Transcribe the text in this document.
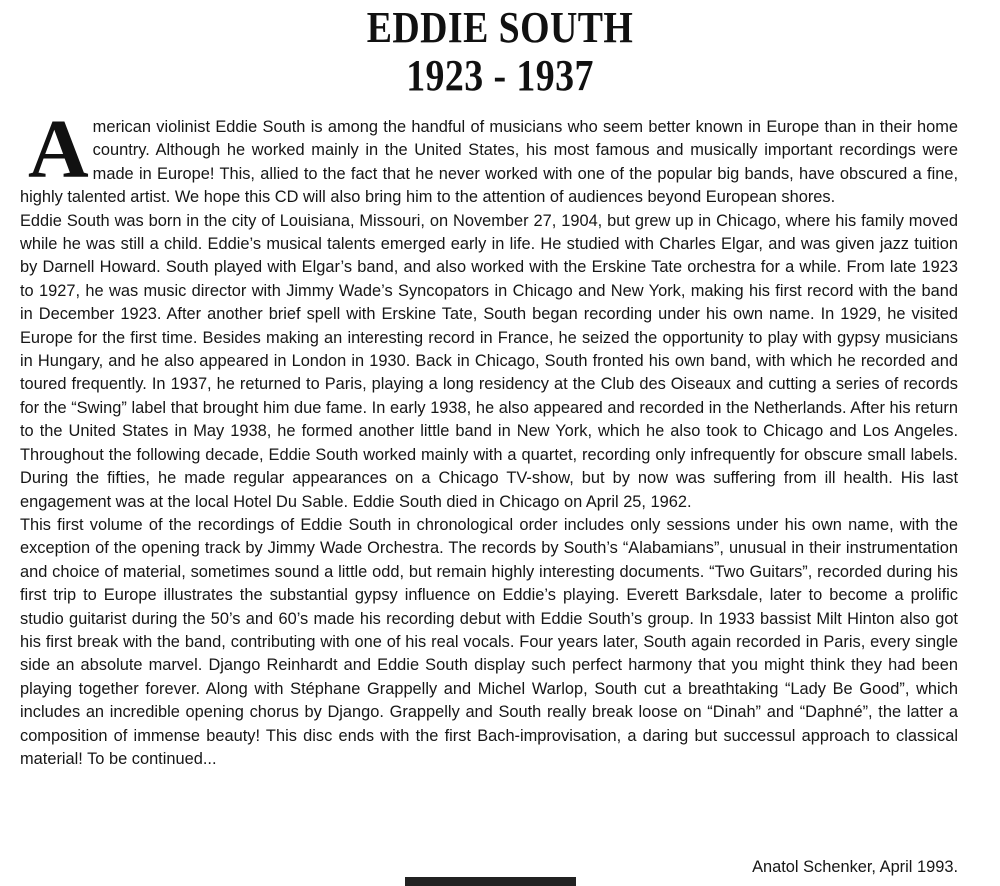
EDDIE SOUTH
1923 - 1937

American violinist Eddie South is among the handful of musicians who seem better known in Europe than in their home country. Although he worked mainly in the United States, his most famous and musically important recordings were made in Europe! This, allied to the fact that he never worked with one of the popular big bands, have obscured a fine, highly talented artist. We hope this CD will also bring him to the attention of audiences beyond European shores.

Eddie South was born in the city of Louisiana, Missouri, on November 27, 1904, but grew up in Chicago, where his family moved while he was still a child. Eddie’s musical talents emerged early in life. He studied with Charles Elgar, and was given jazz tuition by Darnell Howard. South played with Elgar’s band, and also worked with the Erskine Tate orchestra for a while. From late 1923 to 1927, he was music director with Jimmy Wade’s Syncopators in Chicago and New York, making his first record with the band in December 1923. After another brief spell with Erskine Tate, South began recording under his own name. In 1929, he visited Europe for the first time. Besides making an interesting record in France, he seized the opportunity to play with gypsy musicians in Hungary, and he also appeared in London in 1930. Back in Chicago, South fronted his own band, with which he recorded and toured frequently. In 1937, he returned to Paris, playing a long residency at the Club des Oiseaux and cutting a series of records for the “Swing” label that brought him due fame. In early 1938, he also appeared and recorded in the Netherlands. After his return to the United States in May 1938, he formed another little band in New York, which he also took to Chicago and Los Angeles. Throughout the following decade, Eddie South worked mainly with a quartet, recording only infrequently for obscure small labels. During the fifties, he made regular appearances on a Chicago TV-show, but by now was suffering from ill health. His last engagement was at the local Hotel Du Sable. Eddie South died in Chicago on April 25, 1962.

This first volume of the recordings of Eddie South in chronological order includes only sessions under his own name, with the exception of the opening track by Jimmy Wade Orchestra. The records by South’s “Alabamians”, unusual in their instrumentation and choice of material, sometimes sound a little odd, but remain highly interesting documents. “Two Guitars”, recorded during his first trip to Europe illustrates the substantial gypsy influence on Eddie’s playing. Everett Barksdale, later to become a prolific studio guitarist during the 50’s and 60’s made his recording debut with Eddie South’s group. In 1933 bassist Milt Hinton also got his first break with the band, contributing with one of his real vocals. Four years later, South again recorded in Paris, every single side an absolute marvel. Django Reinhardt and Eddie South display such perfect harmony that you might think they had been playing together forever. Along with Stéphane Grappelly and Michel Warlop, South cut a breathtaking “Lady Be Good”, which includes an incredible opening chorus by Django. Grappelly and South really break loose on “Dinah” and “Daphné”, the latter a composition of immense beauty! This disc ends with the first Bach-improvisation, a daring but successul approach to classical material! To be continued...

Anatol Schenker, April 1993.
